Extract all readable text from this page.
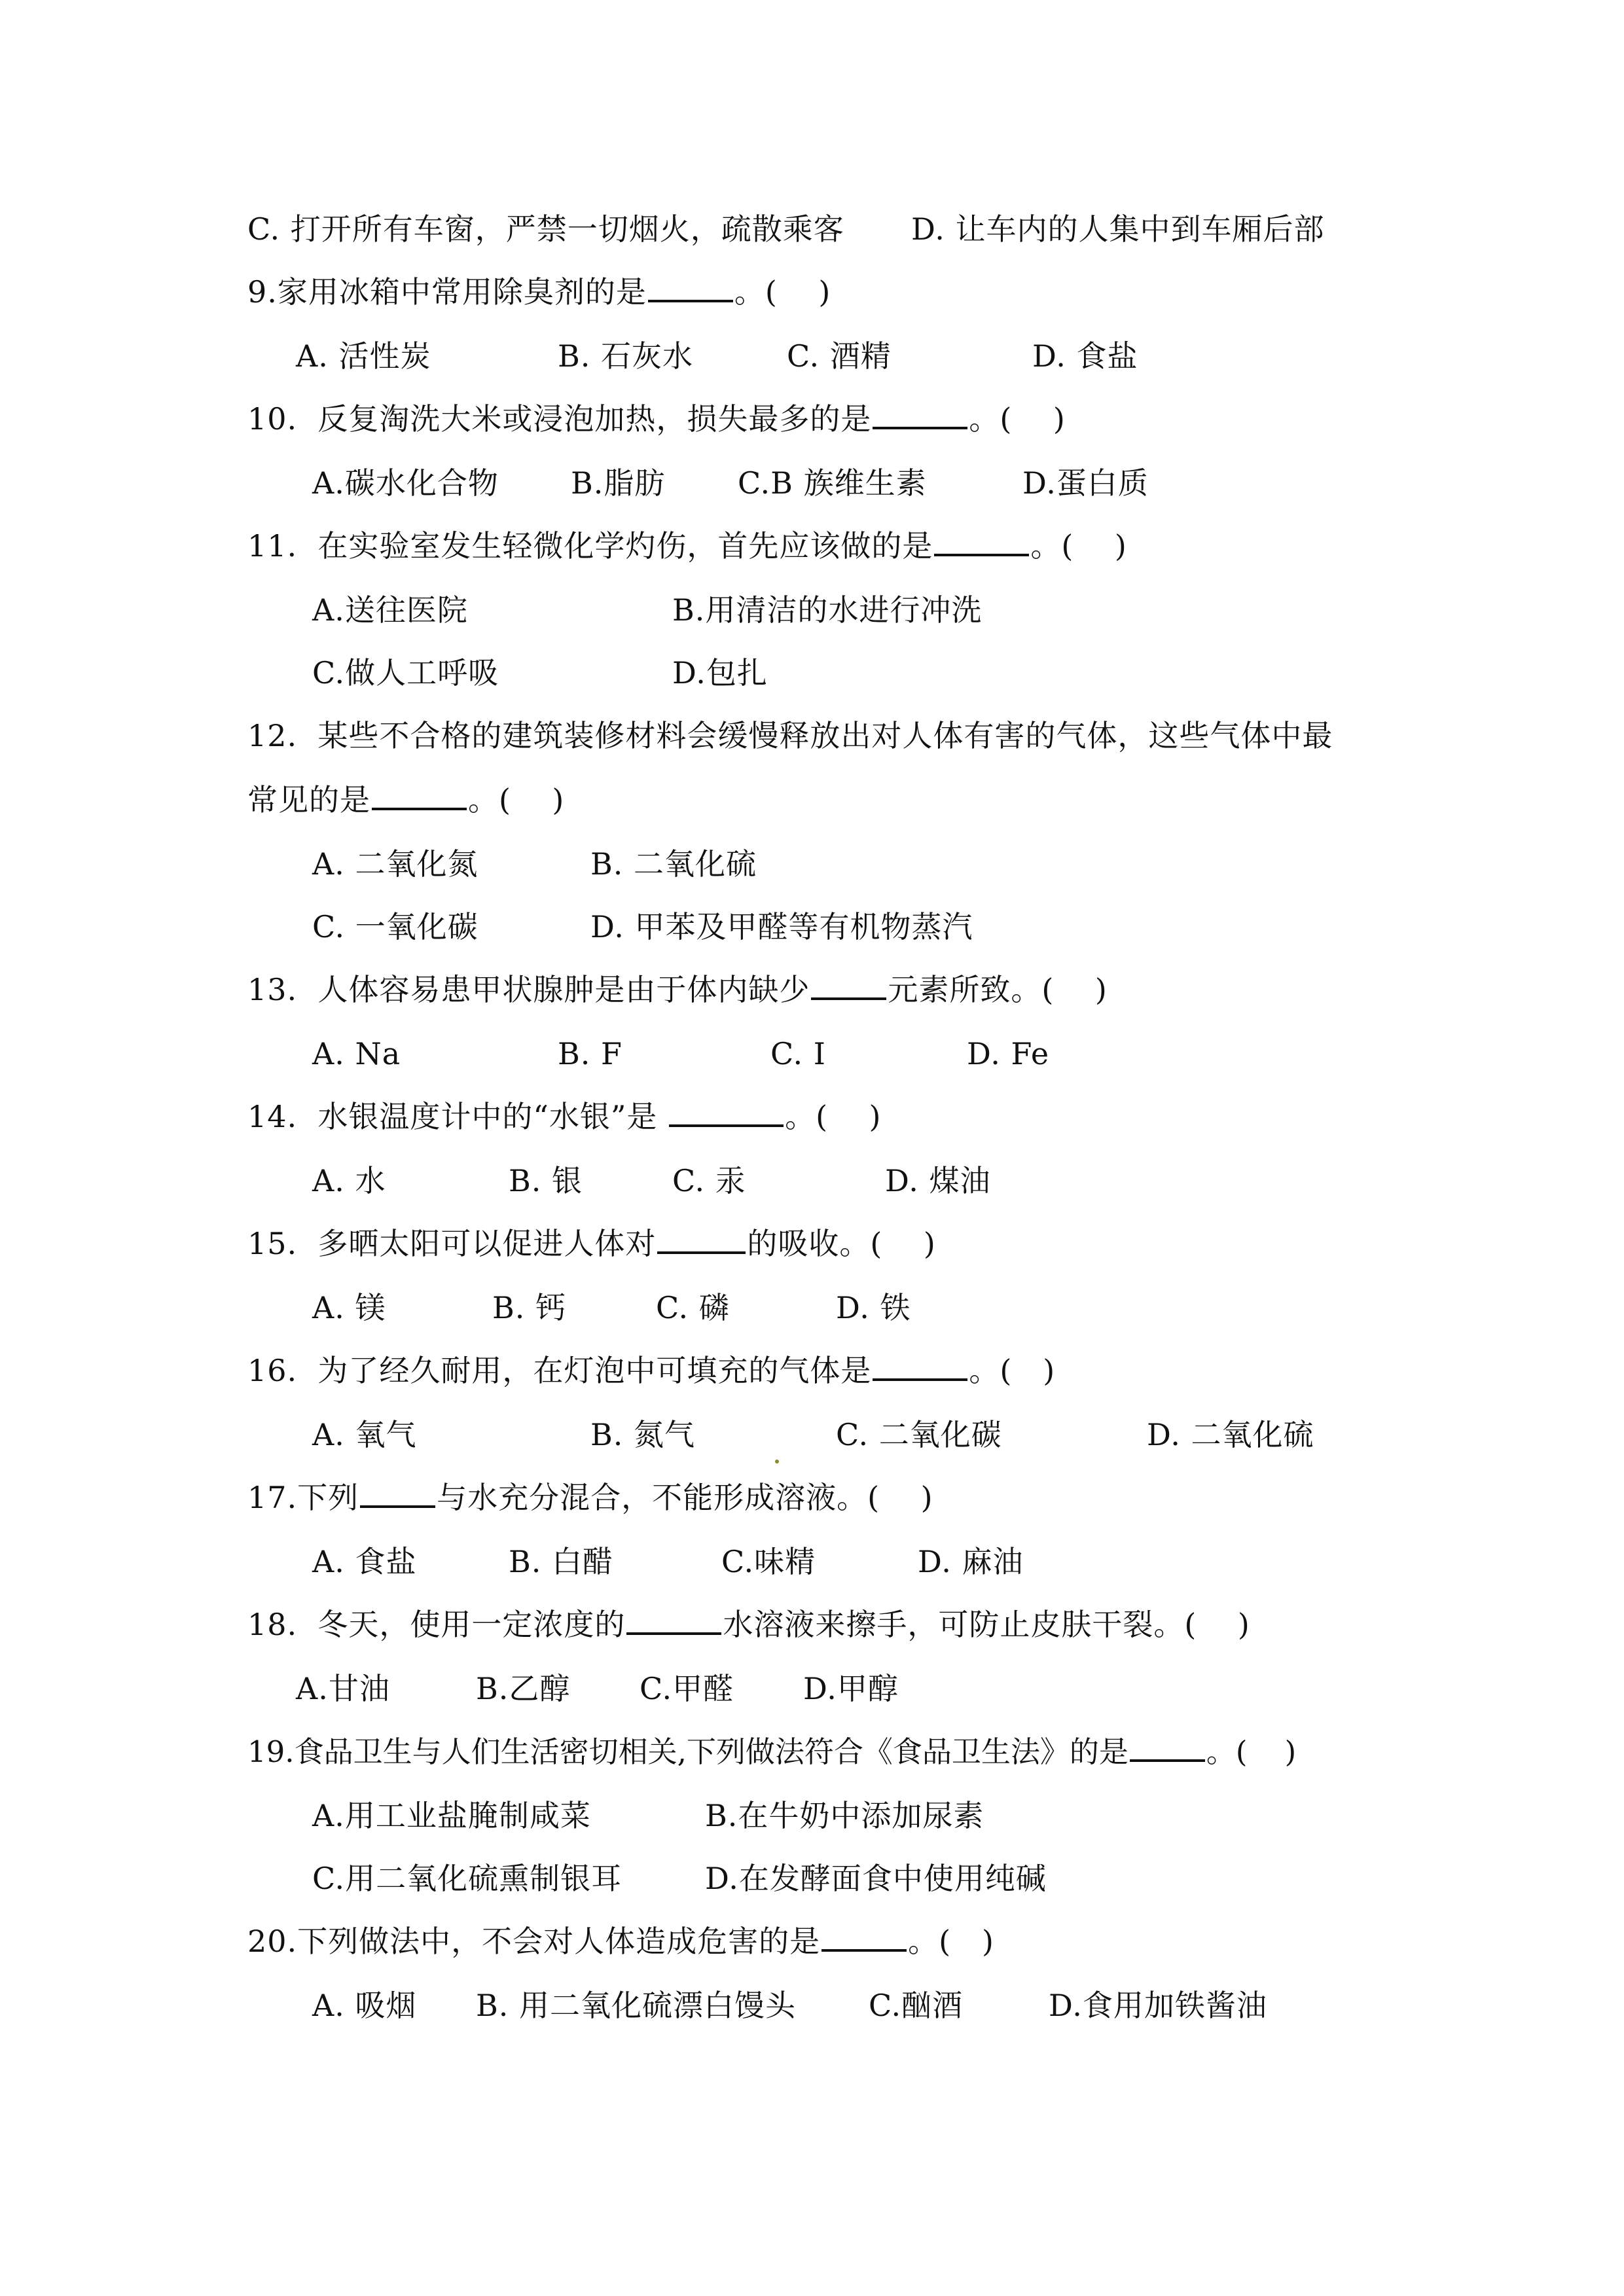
C. 打开所有车窗，严禁一切烟火，疏散乘客 D. 让车内的人集中到车厢后部
9.家用冰箱中常用除臭剂的是	。(    )
A. 活性炭	B. 石灰水	C. 酒精	D. 食盐
10.  反复淘洗大米或浸泡加热，损失最多的是	。(    )
A.碳水化合物 B.脂肪 C.B 族维生素	D.蛋白质
11.  在实验室发生轻微化学灼伤，首先应该做的是	。(    )
A.送往医院	B.用清洁的水进行冲洗
C.做人工呼吸	D.包扎
12.  某些不合格的建筑装修材料会缓慢释放出对人体有害的气体，这些气体中最
常见的是	。(    )
A. 二氧化氮	B. 二氧化硫
C. 一氧化碳	D. 甲苯及甲醛等有机物蒸汽
13.  人体容易患甲状腺肿是由于体内缺少	元素所致。(    )
A. Na	B. F	C. I	D. Fe
14.  水银温度计中的“水银”是	。(    )
A. 水	B. 银	C. 汞	D. 煤油
15.  多晒太阳可以促进人体对	的吸收。(    )
A. 镁	B. 钙	C. 磷	D. 铁
16.  为了经久耐用，在灯泡中可填充的气体是	。(   )
A. 氧气	B. 氮气	C. 二氧化碳	D. 二氧化硫
17.下列	与水充分混合，不能形成溶液。(    )
A. 食盐	B. 白醋	C.味精	D. 麻油
18.  冬天，使用一定浓度的	水溶液来擦手，可防止皮肤干裂。(    )
A.甘油	B.乙醇 C.甲醛 D.甲醇
19.食品卫生与人们生活密切相关,下列做法符合《食品卫生法》的是	。(    )
A.用工业盐腌制咸菜	B.在牛奶中添加尿素
C.用二氧化硫熏制银耳	D.在发酵面食中使用纯碱
20.下列做法中，不会对人体造成危害的是	。(   )
A. 吸烟 B. 用二氧化硫漂白馒头 C.酗酒	D.食用加铁酱油
